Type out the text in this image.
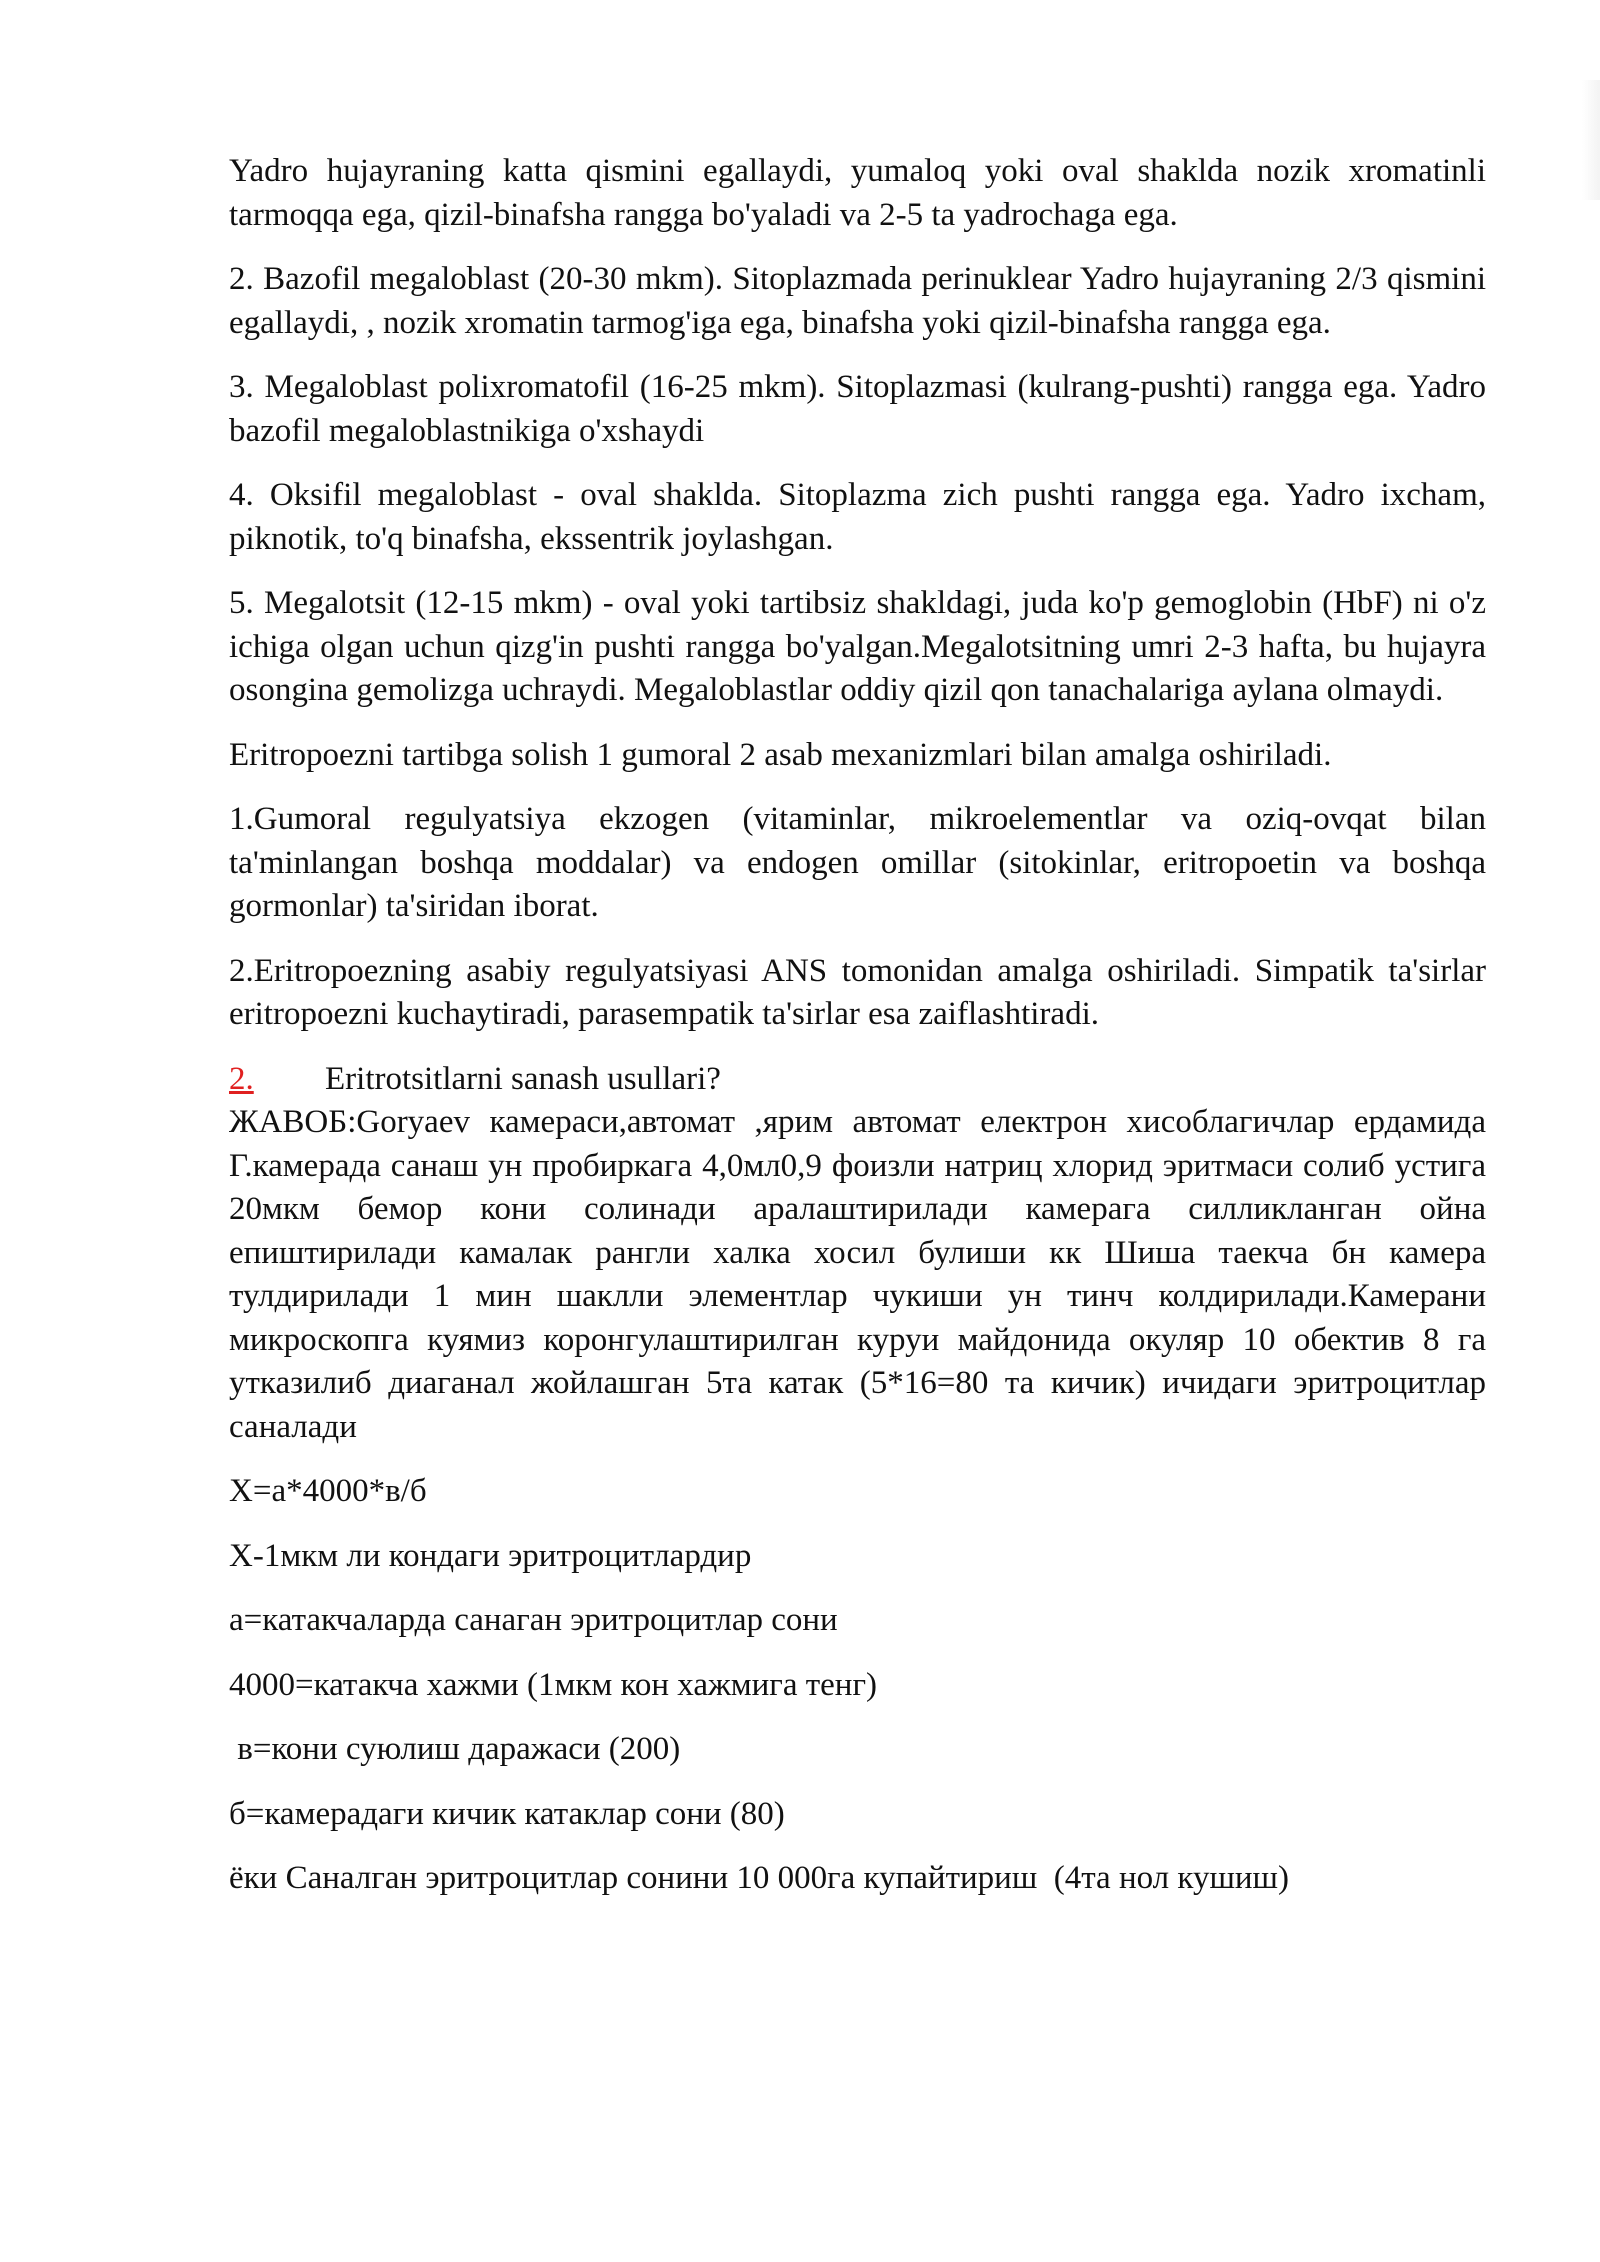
Yadro hujayraning katta qismini egallaydi, yumaloq yoki oval shaklda nozik xromatinli tarmoqqa ega, qizil-binafsha rangga bo'yaladi va 2-5 ta yadrochaga ega.

2. Bazofil megaloblast (20-30 mkm). Sitoplazmada perinuklear Yadro hujayraning 2/3 qismini egallaydi, , nozik xromatin tarmog'iga ega, binafsha yoki qizil-binafsha rangga ega.

3. Megaloblast polixromatofil (16-25 mkm). Sitoplazmasi (kulrang-pushti) rangga ega. Yadro bazofil megaloblastnikiga o'xshaydi

4. Oksifil megaloblast - oval shaklda. Sitoplazma zich pushti rangga ega. Yadro ixcham, piknotik, to'q binafsha, ekssentrik joylashgan.

5. Megalotsit (12-15 mkm) - oval yoki tartibsiz shakldagi, juda ko'p gemoglobin (HbF) ni o'z ichiga olgan uchun qizg'in pushti rangga bo'yalgan.Megalotsitning umri 2-3 hafta, bu hujayra osongina gemolizga uchraydi. Megaloblastlar oddiy qizil qon tanachalariga aylana olmaydi.

Eritropoezni tartibga solish 1 gumoral 2 asab mexanizmlari bilan amalga oshiriladi.

1.Gumoral regulyatsiya ekzogen (vitaminlar, mikroelementlar va oziq-ovqat bilan ta'minlangan boshqa moddalar) va endogen omillar (sitokinlar, eritropoetin va boshqa gormonlar) ta'siridan iborat.

2.Eritropoezning asabiy regulyatsiyasi ANS tomonidan amalga oshiriladi. Simpatik ta'sirlar eritropoezni kuchaytiradi, parasempatik ta'sirlar esa zaiflashtiradi.

2. Eritrotsitlarni sanash usullari?

ЖАВОБ:Goryaev камераси,автомат ,ярим автомат електрон хисоблагичлар ердамида Г.камерада санаш ун пробиркага 4,0мл0,9 фоизли натриц хлорид эритмаси солиб устига 20мкм бемор кони солинади аралаштирилади камерага силликланган ойна епиштирилади камалак рангли халка хосил булиши кк Шиша таекча бн камера тулдирилади 1 мин шаклли элементлар чукиши ун тинч колдирилади.Камерани микроскопга куямиз коронгулаштирилган куруи майдонида окуляр 10 обектив 8 га утказилиб диаганал жойлашган 5та катак (5*16=80 та кичик) ичидаги эритроцитлар саналади

Х=а*4000*в/б

Х-1мкм ли кондаги эритроцитлардир

а=катакчаларда санаган эритроцитлар сони

4000=катакча хажми (1мкм кон хажмига тенг)

в=кони суюлиш даражаси (200)

б=камерадаги кичик катаклар сони (80)

ёки Саналган эритроцитлар сонини 10 000га купайтириш  (4та нол кушиш)
